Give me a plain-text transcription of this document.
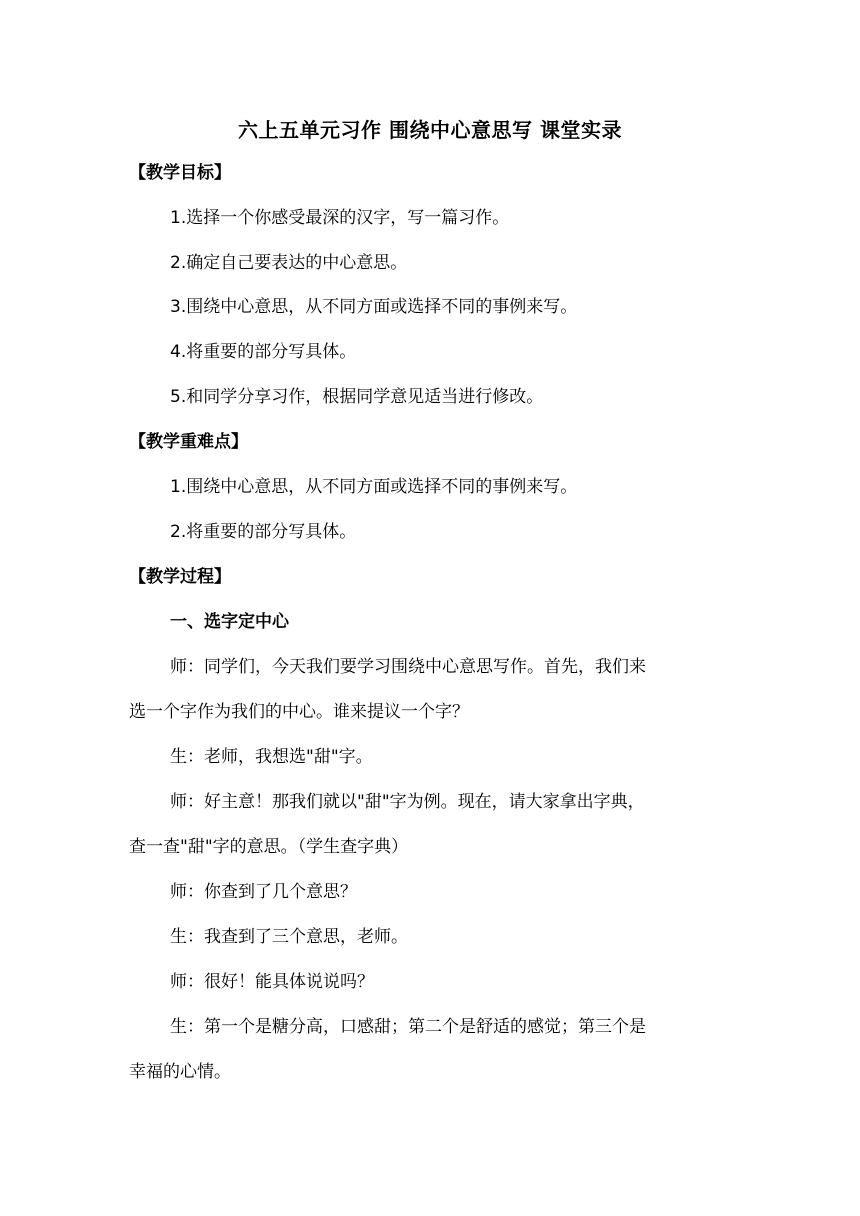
六上五单元习作 围绕中心意思写 课堂实录
【教学目标】
1.选择一个你感受最深的汉字，写一篇习作。
2.确定自己要表达的中心意思。
3.围绕中心意思，从不同方面或选择不同的事例来写。
4.将重要的部分写具体。
5.和同学分享习作，根据同学意见适当进行修改。
【教学重难点】
1.围绕中心意思，从不同方面或选择不同的事例来写。
2.将重要的部分写具体。
【教学过程】
一、选字定中心
师：同学们，今天我们要学习围绕中心意思写作。首先，我们来
选一个字作为我们的中心。谁来提议一个字？
生：老师，我想选"甜"字。
师：好主意！那我们就以"甜"字为例。现在，请大家拿出字典，
查一查"甜"字的意思。（学生查字典）
师：你查到了几个意思？
生：我查到了三个意思，老师。
师：很好！能具体说说吗？
生：第一个是糖分高，口感甜；第二个是舒适的感觉；第三个是
幸福的心情。
